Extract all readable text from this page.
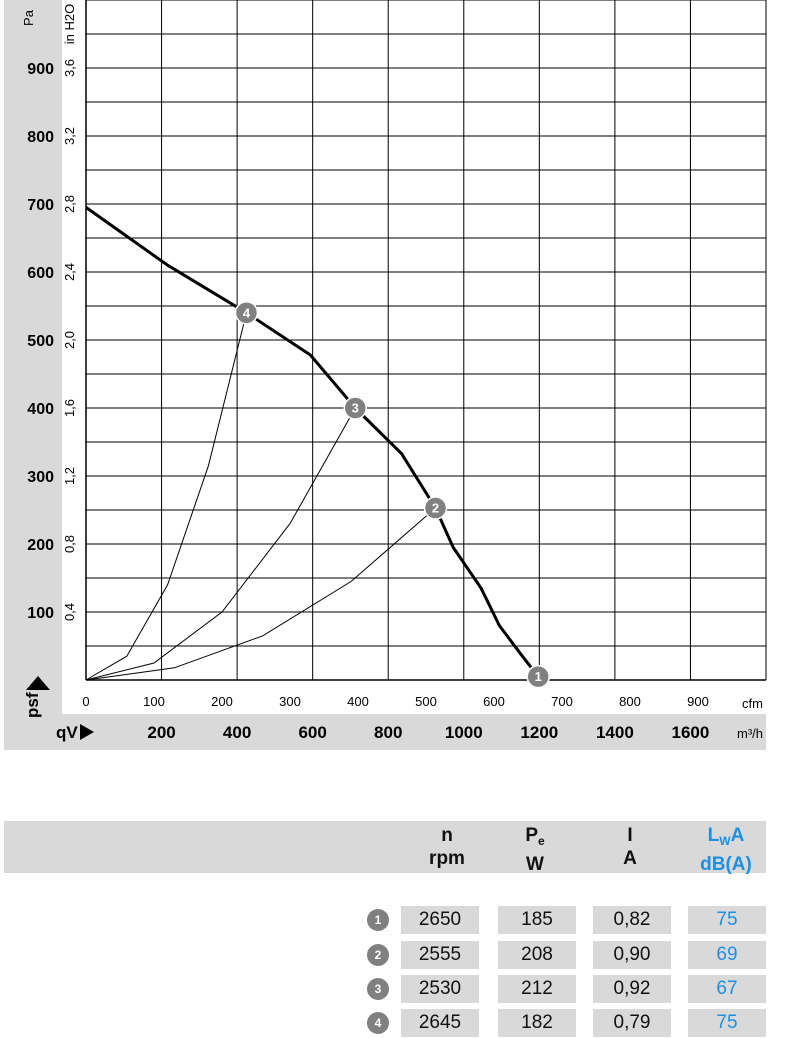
100
200
300
400
500
600
700
800
900
Pa
0,4
0,8
1,2
1,6
2,0
2,4
2,8
3,2
3,6
in H2O
psf	0	100	200	300	400	500	600	700	800	900	cfm
200	400	600	800 1000 1200 1400 1600 m³/h
qV
1
2
3
4
n
rpm
$P_e$
W
I
A
$L_WA$
dB(A)
1	2650	185	0,82	75
2	2555	208	0,90	69
3	2530	212	0,92	67
4	2645	182	0,79	75
